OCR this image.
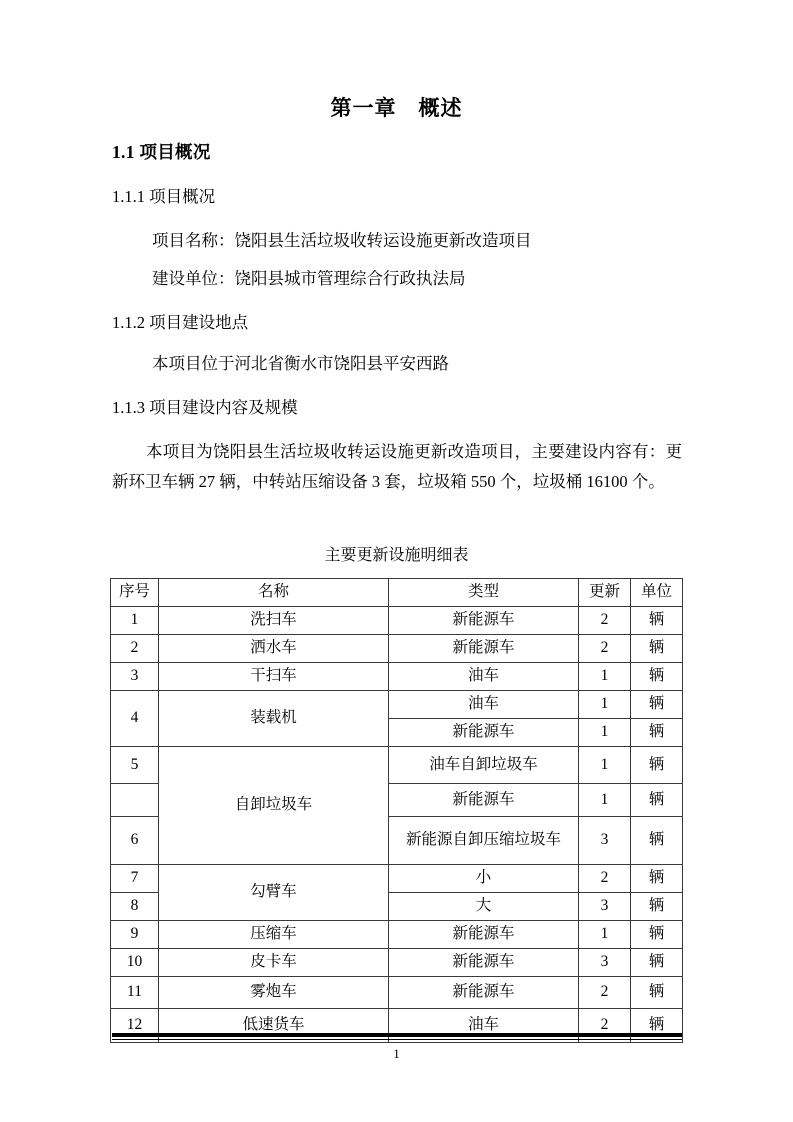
第一章　概述
1.1 项目概况
1.1.1 项目概况
项目名称：饶阳县生活垃圾收转运设施更新改造项目
建设单位：饶阳县城市管理综合行政执法局
1.1.2 项目建设地点
本项目位于河北省衡水市饶阳县平安西路
1.1.3 项目建设内容及规模
本项目为饶阳县生活垃圾收转运设施更新改造项目，主要建设内容有：更新环卫车辆 27 辆，中转站压缩设备 3 套，垃圾箱 550 个，垃圾桶 16100 个。
主要更新设施明细表
序号	名称	类型	更新	单位
1	洗扫车	新能源车	2	辆
2	洒水车	新能源车	2	辆
3	干扫车	油车	1	辆
4	装载机	油车	1	辆
		新能源车	1	辆
5	自卸垃圾车	油车自卸垃圾车	1	辆
		新能源车	1	辆
6		新能源自卸压缩垃圾车	3	辆
7	勾臂车	小	2	辆
8		大	3	辆
9	压缩车	新能源车	1	辆
10	皮卡车	新能源车	3	辆
11	雾炮车	新能源车	2	辆
12	低速货车	油车	2	辆
1
